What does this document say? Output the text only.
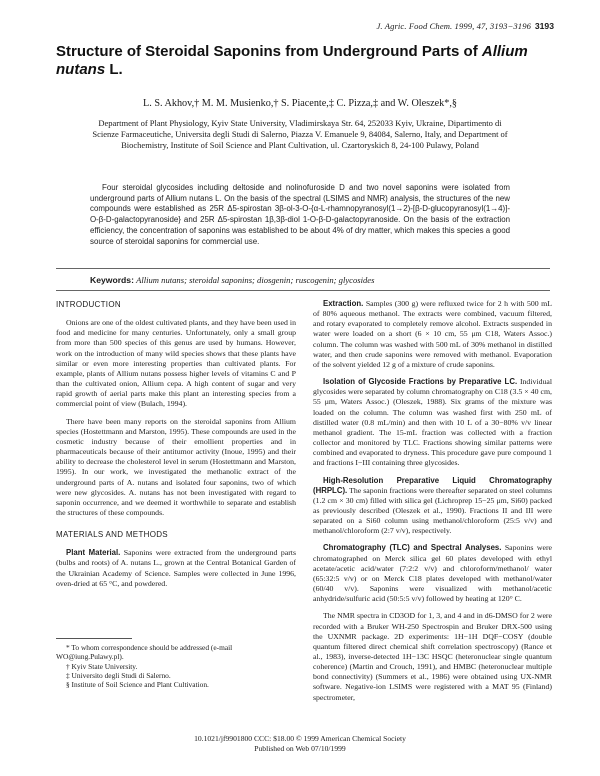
J. Agric. Food Chem. 1999, 47, 3193−3196 3193
Structure of Steroidal Saponins from Underground Parts of Allium nutans L.
L. S. Akhov,† M. M. Musienko,† S. Piacente,‡ C. Pizza,‡ and W. Oleszek*,§
Department of Plant Physiology, Kyiv State University, Vladimirskaya Str. 64, 252033 Kyiv, Ukraine, Dipartimento di Scienze Farmaceutiche, Universita degli Studi di Salerno, Piazza V. Emanuele 9, 84084, Salerno, Italy, and Department of Biochemistry, Institute of Soil Science and Plant Cultivation, ul. Czartoryskich 8, 24-100 Pulawy, Poland
Four steroidal glycosides including deltoside and nolinofuroside D and two novel saponins were isolated from underground parts of Allium nutans L. On the basis of the spectral (LSIMS and NMR) analysis, the structures of the new compounds were established as 25R Δ5-spirostan 3β-ol-3-O-{α-L-rhamnopyranosyl(1→2)-[β-D-glucopyranosyl(1→4)]-O-β-D-galactopyranoside} and 25R Δ5-spirostan 1β,3β-diol 1-O-β-D-galactopyranoside. On the basis of the extraction efficiency, the concentration of saponins was established to be about 4% of dry matter, which makes this species a good source of steroidal saponins for commercial use.
Keywords: Allium nutans; steroidal saponins; diosgenin; ruscogenin; glycosides
INTRODUCTION

Onions are one of the oldest cultivated plants, and they have been used in food and medicine for many centuries. Unfortunately, only a small group from more than 500 species of this genus are used by humans. However, work on the introduction of many wild species shows that these plants have similar or even more interesting properties than cultivated plants. For example, plants of Allium nutans possess higher levels of vitamins C and P than the cultivated onion, Allium cepa. A high content of sugar and very rapid growth of aerial parts make this plant an interesting species from a commercial point of view (Bulach, 1994).

There have been many reports on the steroidal saponins from Allium species (Hostettmann and Marston, 1995). These compounds are used in the cosmetic industry because of their emollient properties and in pharmaceuticals because of their antitumor activity (Inoue, 1995) and their ability to decrease the cholesterol level in serum (Hostettmann and Marston, 1995). In our work, we investigated the methanolic extract of the underground parts of A. nutans and isolated four saponins, two of which were new glycosides. A. nutans has not been investigated with regard to saponin occurrence, and we deemed it worthwhile to separate and establish the structures of these compounds.

MATERIALS AND METHODS

Plant Material. Saponins were extracted from the underground parts (bulbs and roots) of A. nutans L., grown at the Central Botanical Garden of the Ukrainian Academy of Science. Samples were collected in June 1996, oven-dried at 65 °C, and powdered.

* To whom correspondence should be addressed (e-mail WO@iung.Pulawy.pl).
† Kyiv State University.
‡ Universito degli Studi di Salerno.
§ Institute of Soil Science and Plant Cultivation.

Extraction. Samples (300 g) were refluxed twice for 2 h with 500 mL of 80% aqueous methanol. The extracts were combined, vacuum filtered, and rotary evaporated to completely remove alcohol. Extracts suspended in water were loaded on a short (6 × 10 cm, 55 μm C18, Waters Assoc.) column. The column was washed with 500 mL of 30% methanol in distilled water, and then crude saponins were removed with methanol. Evaporation of the solvent yielded 12 g of a mixture of crude saponins.

Isolation of Glycoside Fractions by Preparative LC. Individual glycosides were separated by column chromatography on C18 (3.5 × 40 cm, 55 μm, Waters Assoc.) (Oleszek, 1988). Six grams of the mixture was loaded on the column. The column was washed first with 250 mL of distilled water (0.8 mL/min) and then with 10 L of a 30−80% v/v linear methanol gradient. The 15-mL fraction was collected with a fraction collector and monitored by TLC. Fractions showing similar patterns were combined and evaporated to dryness. This procedure gave pure compound 1 and fractions I−III containing three glycosides.

High-Resolution Preparative Liquid Chromatography (HRPLC). The saponin fractions were thereafter separated on steel columns (1.2 cm × 30 cm) filled with silica gel (Lichroprep 15−25 μm, Si60) packed as previously described (Oleszek et al., 1990). Fractions II and III were separated on a Si60 column using methanol/chloroform (25:5 v/v) and methanol/chloroform (2:7 v/v), respectively.

Chromatography (TLC) and Spectral Analyses. Saponins were chromatographed on Merck silica gel 60 plates developed with ethyl acetate/acetic acid/water (7:2:2 v/v) and chloroform/methanol/ water (65:32:5 v/v) or on Merck C18 plates developed with methanol/water (60/40 v/v). Saponins were visualized with methanol/acetic anhydride/sulfuric acid (50:5:5 v/v) followed by heating at 120° C.

The NMR spectra in CD3OD for 1, 3, and 4 and in d6-DMSO for 2 were recorded with a Bruker WH-250 Spectrospin and Bruker DRX-500 using the UXNMR package. 2D experiments: 1H−1H DQF−COSY (double quantum filtered direct chemical shift correlation spectroscopy) (Rance et al., 1983), inverse-detected 1H−13C HSQC (heteronuclear single quantum coherence) (Martin and Crouch, 1991), and HMBC (heteronuclear multiple bond connectivity) (Summers et al., 1986) were obtained using UX-NMR software. Negative-ion LSIMS were registered with a MAT 95 (Finland) spectrometer,

10.1021/jf9901800 CCC: $18.00 © 1999 American Chemical Society
Published on Web 07/10/1999
